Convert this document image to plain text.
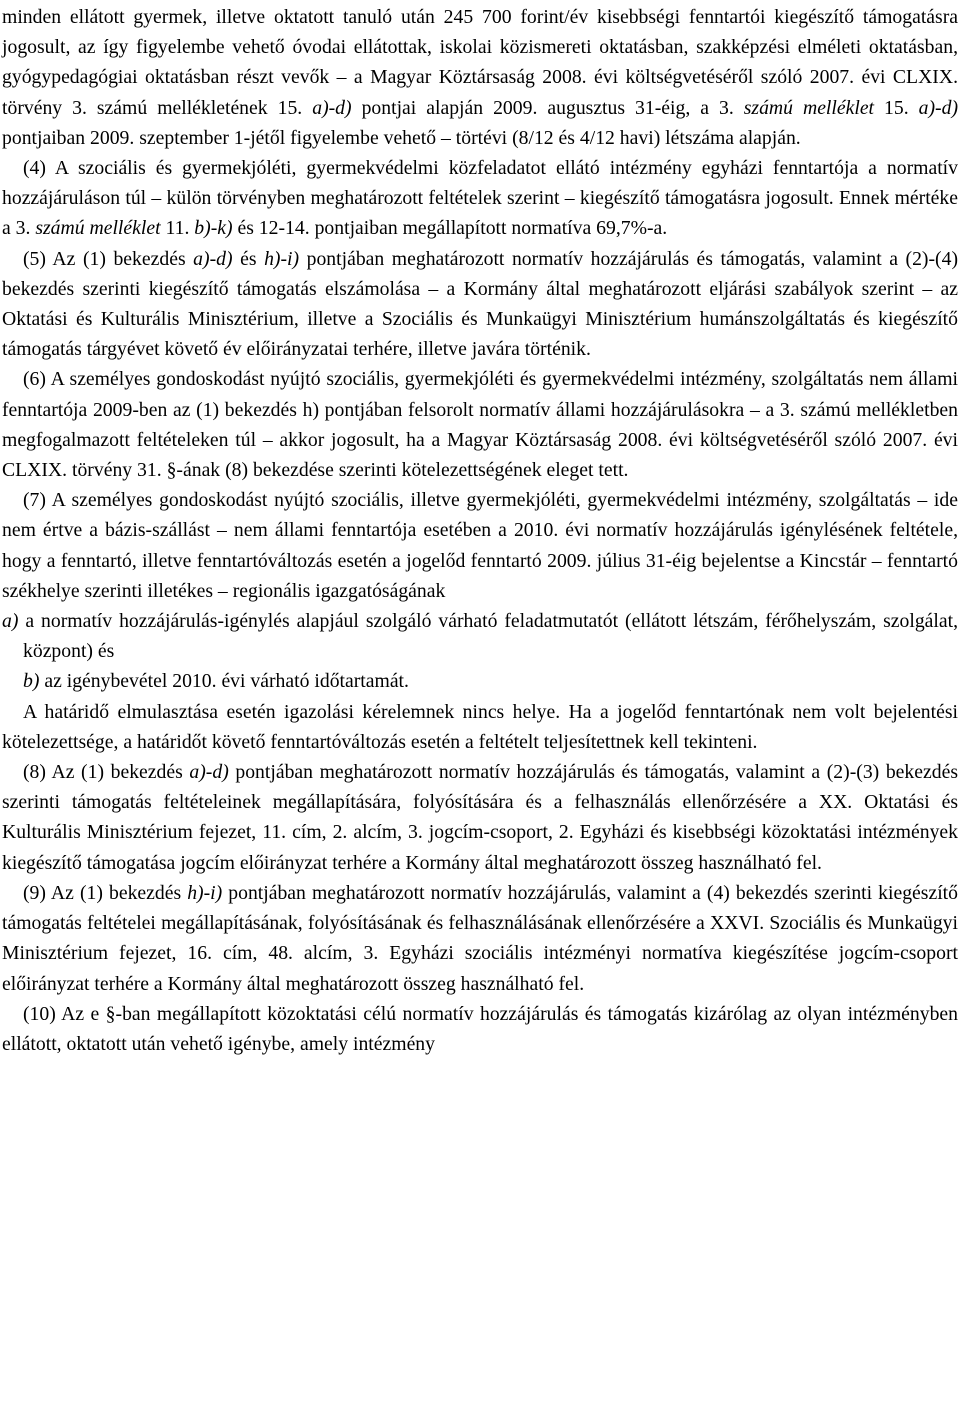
minden ellátott gyermek, illetve oktatott tanuló után 245 700 forint/év kisebbségi fenntartói kiegészítő támogatásra jogosult, az így figyelembe vehető óvodai ellátottak, iskolai közismereti oktatásban, szakképzési elméleti oktatásban, gyógypedagógiai oktatásban részt vevők – a Magyar Köztársaság 2008. évi költségvetéséről szóló 2007. évi CLXIX. törvény 3. számú mellékletének 15. a)-d) pontjai alapján 2009. augusztus 31-éig, a 3. számú melléklet 15. a)-d) pontjaiban 2009. szeptember 1-jétől figyelembe vehető – törtévi (8/12 és 4/12 havi) létszáma alapján.

(4) A szociális és gyermekjóléti, gyermekvédelmi közfeladatot ellátó intézmény egyházi fenntartója a normatív hozzájáruláson túl – külön törvényben meghatározott feltételek szerint – kiegészítő támogatásra jogosult. Ennek mértéke a 3. számú melléklet 11. b)-k) és 12-14. pontjaiban megállapított normatíva 69,7%-a.

(5) Az (1) bekezdés a)-d) és h)-i) pontjában meghatározott normatív hozzájárulás és támogatás, valamint a (2)-(4) bekezdés szerinti kiegészítő támogatás elszámolása – a Kormány által meghatározott eljárási szabályok szerint – az Oktatási és Kulturális Minisztérium, illetve a Szociális és Munkaügyi Minisztérium humánszolgáltatás és kiegészítő támogatás tárgyévet követő év előirányzatai terhére, illetve javára történik.

(6) A személyes gondoskodást nyújtó szociális, gyermekjóléti és gyermekvédelmi intézmény, szolgáltatás nem állami fenntartója 2009-ben az (1) bekezdés h) pontjában felsorolt normatív állami hozzájárulásokra – a 3. számú mellékletben megfogalmazott feltételeken túl – akkor jogosult, ha a Magyar Köztársaság 2008. évi költségvetéséről szóló 2007. évi CLXIX. törvény 31. §-ának (8) bekezdése szerinti kötelezettségének eleget tett.

(7) A személyes gondoskodást nyújtó szociális, illetve gyermekjóléti, gyermekvédelmi intézmény, szolgáltatás – ide nem értve a bázis-szállást – nem állami fenntartója esetében a 2010. évi normatív hozzájárulás igénylésének feltétele, hogy a fenntartó, illetve fenntartóváltozás esetén a jogelőd fenntartó 2009. július 31-éig bejelentse a Kincstár – fenntartó székhelye szerinti illetékes – regionális igazgatóságának

a) a normatív hozzájárulás-igénylés alapjául szolgáló várható feladatmutatót (ellátott létszám, férőhelyszám, szolgálat, központ) és

b) az igénybevétel 2010. évi várható időtartamát.

A határidő elmulasztása esetén igazolási kérelemnek nincs helye. Ha a jogelőd fenntartónak nem volt bejelentési kötelezettsége, a határidőt követő fenntartóváltozás esetén a feltételt teljesítettnek kell tekinteni.

(8) Az (1) bekezdés a)-d) pontjában meghatározott normatív hozzájárulás és támogatás, valamint a (2)-(3) bekezdés szerinti támogatás feltételeinek megállapítására, folyósítására és a felhasználás ellenőrzésére a XX. Oktatási és Kulturális Minisztérium fejezet, 11. cím, 2. alcím, 3. jogcím-csoport, 2. Egyházi és kisebbségi közoktatási intézmények kiegészítő támogatása jogcím előirányzat terhére a Kormány által meghatározott összeg használható fel.

(9) Az (1) bekezdés h)-i) pontjában meghatározott normatív hozzájárulás, valamint a (4) bekezdés szerinti kiegészítő támogatás feltételei megállapításának, folyósításának és felhasználásának ellenőrzésére a XXVI. Szociális és Munkaügyi Minisztérium fejezet, 16. cím, 48. alcím, 3. Egyházi szociális intézményi normatíva kiegészítése jogcím-csoport előirányzat terhére a Kormány által meghatározott összeg használható fel.

(10) Az e §-ban megállapított közoktatási célú normatív hozzájárulás és támogatás kizárólag az olyan intézményben ellátott, oktatott után vehető igénybe, amely intézmény
